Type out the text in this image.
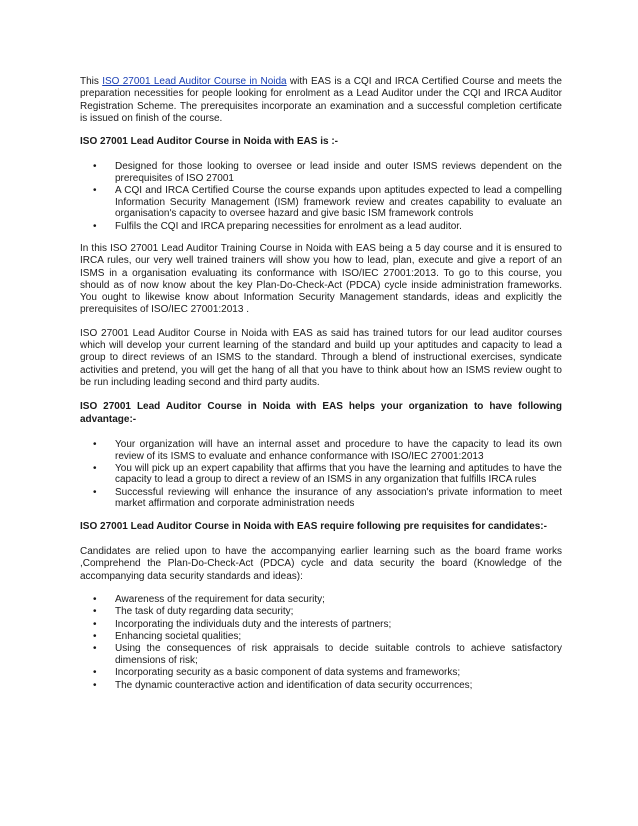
This ISO 27001 Lead Auditor Course in Noida with EAS is a CQI and IRCA Certified Course and meets the preparation necessities for people looking for enrolment as a Lead Auditor under the CQI and IRCA Auditor Registration Scheme. The prerequisites incorporate an examination and a successful completion certificate is issued on finish of the course.

ISO 27001 Lead Auditor Course in Noida with EAS is :-

• Designed for those looking to oversee or lead inside and outer ISMS reviews dependent on the prerequisites of ISO 27001
• A CQI and IRCA Certified Course the course expands upon aptitudes expected to lead a compelling Information Security Management (ISM) framework review and creates capability to evaluate an organisation's capacity to oversee hazard and give basic ISM framework controls
• Fulfils the CQI and IRCA preparing necessities for enrolment as a lead auditor.

In this ISO 27001 Lead Auditor Training Course in Noida with EAS being a 5 day course and it is ensured to IRCA rules, our very well trained trainers will show you how to lead, plan, execute and give a report of an ISMS in a organisation evaluating its conformance with ISO/IEC 27001:2013. To go to this course, you should as of now know about the key Plan-Do-Check-Act (PDCA) cycle inside administration frameworks. You ought to likewise know about Information Security Management standards, ideas and explicitly the prerequisites of ISO/IEC 27001:2013 .

ISO 27001 Lead Auditor Course in Noida with EAS as said has trained tutors for our lead auditor courses which will develop your current learning of the standard and build up your aptitudes and capacity to lead a group to direct reviews of an ISMS to the standard. Through a blend of instructional exercises, syndicate activities and pretend, you will get the hang of all that you have to think about how an ISMS review ought to be run including leading second and third party audits.

ISO 27001 Lead Auditor Course in Noida with EAS helps your organization to have following advantage:-

• Your organization will have an internal asset and procedure to have the capacity to lead its own review of its ISMS to evaluate and enhance conformance with ISO/IEC 27001:2013
• You will pick up an expert capability that affirms that you have the learning and aptitudes to have the capacity to lead a group to direct a review of an ISMS in any organization that fulfills IRCA rules
• Successful reviewing will enhance the insurance of any association's private information to meet market affirmation and corporate administration needs

ISO 27001 Lead Auditor Course in Noida with EAS require following pre requisites for candidates:-

Candidates are relied upon to have the accompanying earlier learning such as the board frame works ,Comprehend the Plan-Do-Check-Act (PDCA) cycle and data security the board (Knowledge of the accompanying data security standards and ideas):

• Awareness of the requirement for data security;
• The task of duty regarding data security;
• Incorporating the individuals duty and the interests of partners;
• Enhancing societal qualities;
• Using the consequences of risk appraisals to decide suitable controls to achieve satisfactory dimensions of risk;
• Incorporating security as a basic component of data systems and frameworks;
• The dynamic counteractive action and identification of data security occurrences;
